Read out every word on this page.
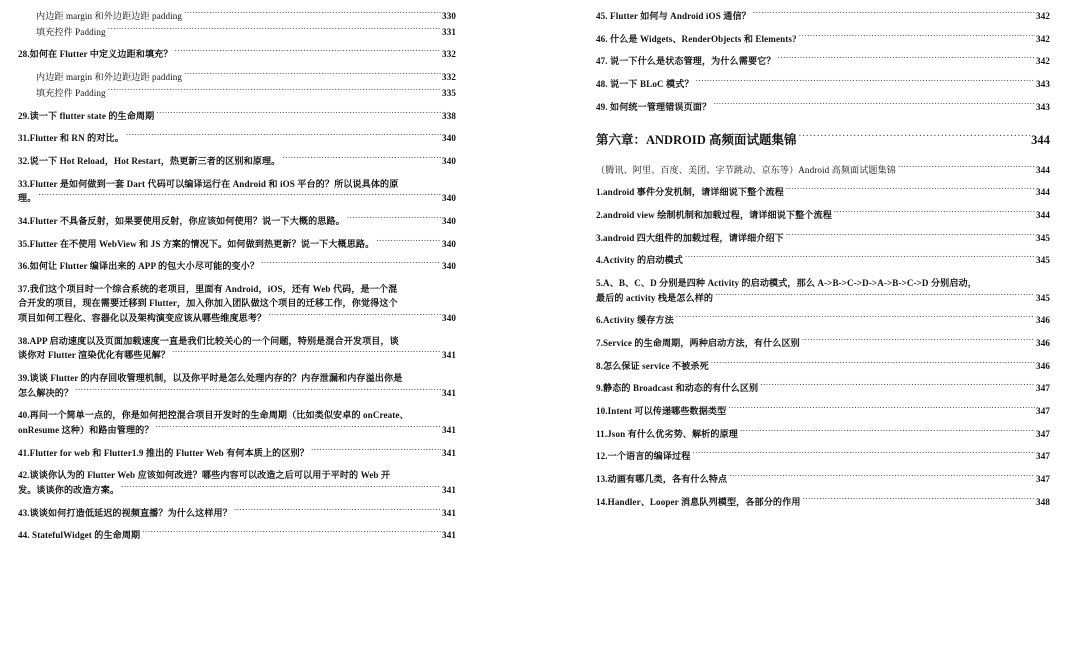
内边距 margin 和外边距边距 padding .....	330
填充控件 Padding .....	331
28.如何在 Flutter 中定义边距和填充？ .....	332
内边距 margin 和外边距边距 padding .....	332
填充控件 Padding .....	335
29.读一下 flutter state 的生命周期 .....	338
31.Flutter 和 RN 的对比。 .....	340
32.说一下 Hot Reload，Hot Restart，热更新三者的区别和原理。 .....	340
33.Flutter 是如何做到一套 Dart 代码可以编译运行在 Android 和 iOS 平台的？所以说具体的原
理。 .....	340
34.Flutter 不具备反射，如果要使用反射，你应该如何使用？说一下大概的思路。 .....	340
35.Flutter 在不使用 WebView 和 JS 方案的情况下。如何做到热更新？说一下大概思路。 .....	340
36.如何让 Flutter 编译出来的 APP 的包大小尽可能的变小？ .....	340
37.我们这个项目时一个综合系统的老项目，里面有 Android，iOS，还有 Web 代码，是一个混
合开发的项目，现在需要迁移到 Flutter，加入你加入团队做这个项目的迁移工作，你觉得这个
项目如何工程化、容器化以及架构演变应该从哪些维度思考？ .....	340
38.APP 启动速度以及页面加载速度一直是我们比较关心的一个问题，特别是混合开发项目，谈
谈你对 Flutter 渲染优化有哪些见解？ .....	341
39.谈谈 Flutter 的内存回收管理机制，以及你平时是怎么处理内存的？内存泄漏和内存溢出你是
怎么解决的？ .....	341
40.再问一个简单一点的，你是如何把控混合项目开发时的生命周期（比如类似安卓的 onCreate、
onResume 这种）和路由管理的？ .....	341
41.Flutter for web 和 Flutter1.9 推出的 Flutter Web 有何本质上的区别？ .....	341
42.谈谈你认为的 Flutter Web 应该如何改进？哪些内容可以改造之后可以用于平时的 Web 开
发。谈谈你的改造方案。 .....	341
43.谈谈如何打造低延迟的视频直播？为什么这样用？ .....	341
44. StatefulWidget 的生命周期 .....	341
45. Flutter 如何与 Android iOS 通信？ .....	342
46. 什么是 Widgets、RenderObjects 和 Elements? .....	342
47. 说一下什么是状态管理，为什么需要它？ .....	342
48. 说一下 BLoC 模式？ .....	343
49. 如何统一管理错误页面？ .....	343
第六章：ANDROID 高频面试题集锦 .....	344
（腾讯、阿里、百度、美团、字节跳动、京东等）Android 高频面试题集锦 .....	344
1.android 事件分发机制，请详细说下整个流程 .....	344
2.android view 绘制机制和加载过程，请详细说下整个流程 .....	344
3.android 四大组件的加载过程，请详细介绍下 .....	345
4.Activity 的启动模式 .....	345
5.A、B、C、D 分别是四种 Activity 的启动模式，那么 A->B->C->D->A->B->C->D 分别启动，
最后的 activity 栈是怎么样的 .....	345
6.Activity 缓存方法 .....	346
7.Service 的生命周期，两种启动方法，有什么区别 .....	346
8.怎么保证 service 不被杀死 .....	346
9.静态的 Broadcast 和动态的有什么区别 .....	347
10.Intent 可以传递哪些数据类型 .....	347
11.Json 有什么优劣势、解析的原理 .....	347
12.一个语言的编译过程 .....	347
13.动画有哪几类，各有什么特点 .....	347
14.Handler、Looper 消息队列模型，各部分的作用 .....	348
